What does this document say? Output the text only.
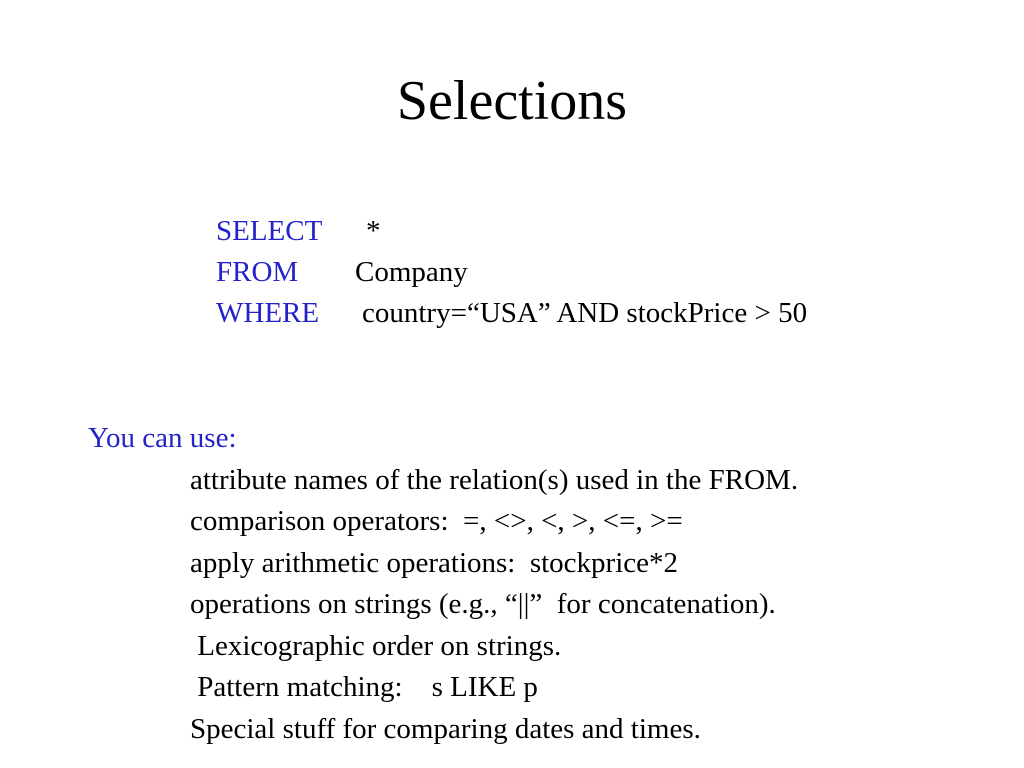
Selections
SELECT *
FROM Company
WHERE country=“USA” AND stockPrice > 50
You can use:
attribute names of the relation(s) used in the FROM.
comparison operators:  =, <>, <, >, <=, >=
apply arithmetic operations:  stockprice*2
operations on strings (e.g., “||”  for concatenation).
Lexicographic order on strings.
Pattern matching:    s LIKE p
Special stuff for comparing dates and times.
